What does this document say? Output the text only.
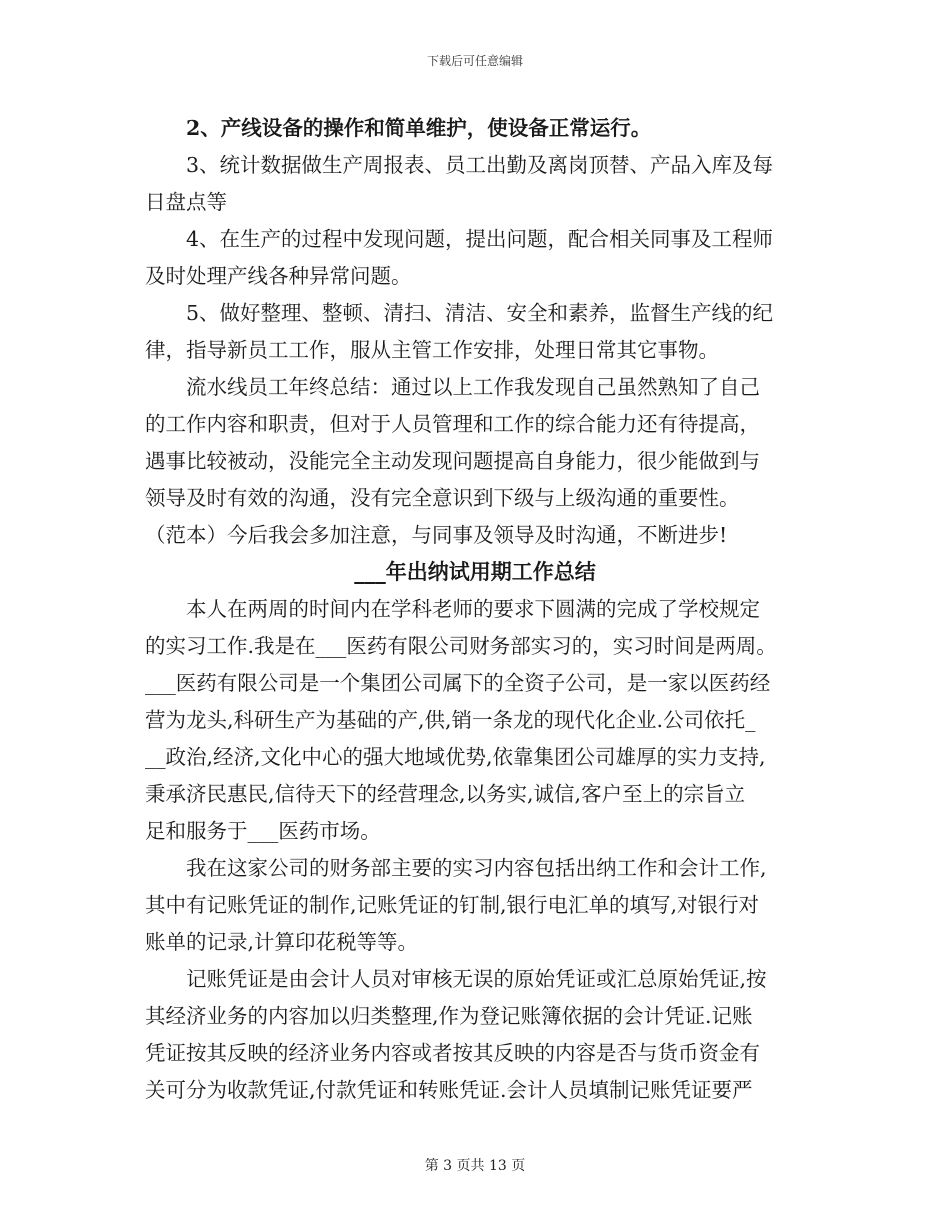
下载后可任意编辑
2、产线设备的操作和简单维护，使设备正常运行。
3、统计数据做生产周报表、员工出勤及离岗顶替、产品入库及每
日盘点等
4、在生产的过程中发现问题，提出问题，配合相关同事及工程师
及时处理产线各种异常问题。
5、做好整理、整顿、清扫、清洁、安全和素养，监督生产线的纪
律，指导新员工工作，服从主管工作安排，处理日常其它事物。
流水线员工年终总结：通过以上工作我发现自己虽然熟知了自己
的工作内容和职责，但对于人员管理和工作的综合能力还有待提高，
遇事比较被动，没能完全主动发现问题提高自身能力，很少能做到与
领导及时有效的沟通，没有完全意识到下级与上级沟通的重要性。
（范本）今后我会多加注意，与同事及领导及时沟通，不断进步!
___年出纳试用期工作总结
本人在两周的时间内在学科老师的要求下圆满的完成了学校规定
的实习工作.我是在___医药有限公司财务部实习的，实习时间是两周。
___医药有限公司是一个集团公司属下的全资子公司，是一家以医药经
营为龙头,科研生产为基础的产,供,销一条龙的现代化企业.公司依托_
__政治,经济,文化中心的强大地域优势,依靠集团公司雄厚的实力支持,
秉承济民惠民,信待天下的经营理念,以务实,诚信,客户至上的宗旨立
足和服务于___医药市场。
我在这家公司的财务部主要的实习内容包括出纳工作和会计工作,
其中有记账凭证的制作,记账凭证的钉制,银行电汇单的填写,对银行对
账单的记录,计算印花税等等。
记账凭证是由会计人员对审核无误的原始凭证或汇总原始凭证,按
其经济业务的内容加以归类整理,作为登记账簿依据的会计凭证.记账
凭证按其反映的经济业务内容或者按其反映的内容是否与货币资金有
关可分为收款凭证,付款凭证和转账凭证.会计人员填制记账凭证要严
第 3 页共 13 页
